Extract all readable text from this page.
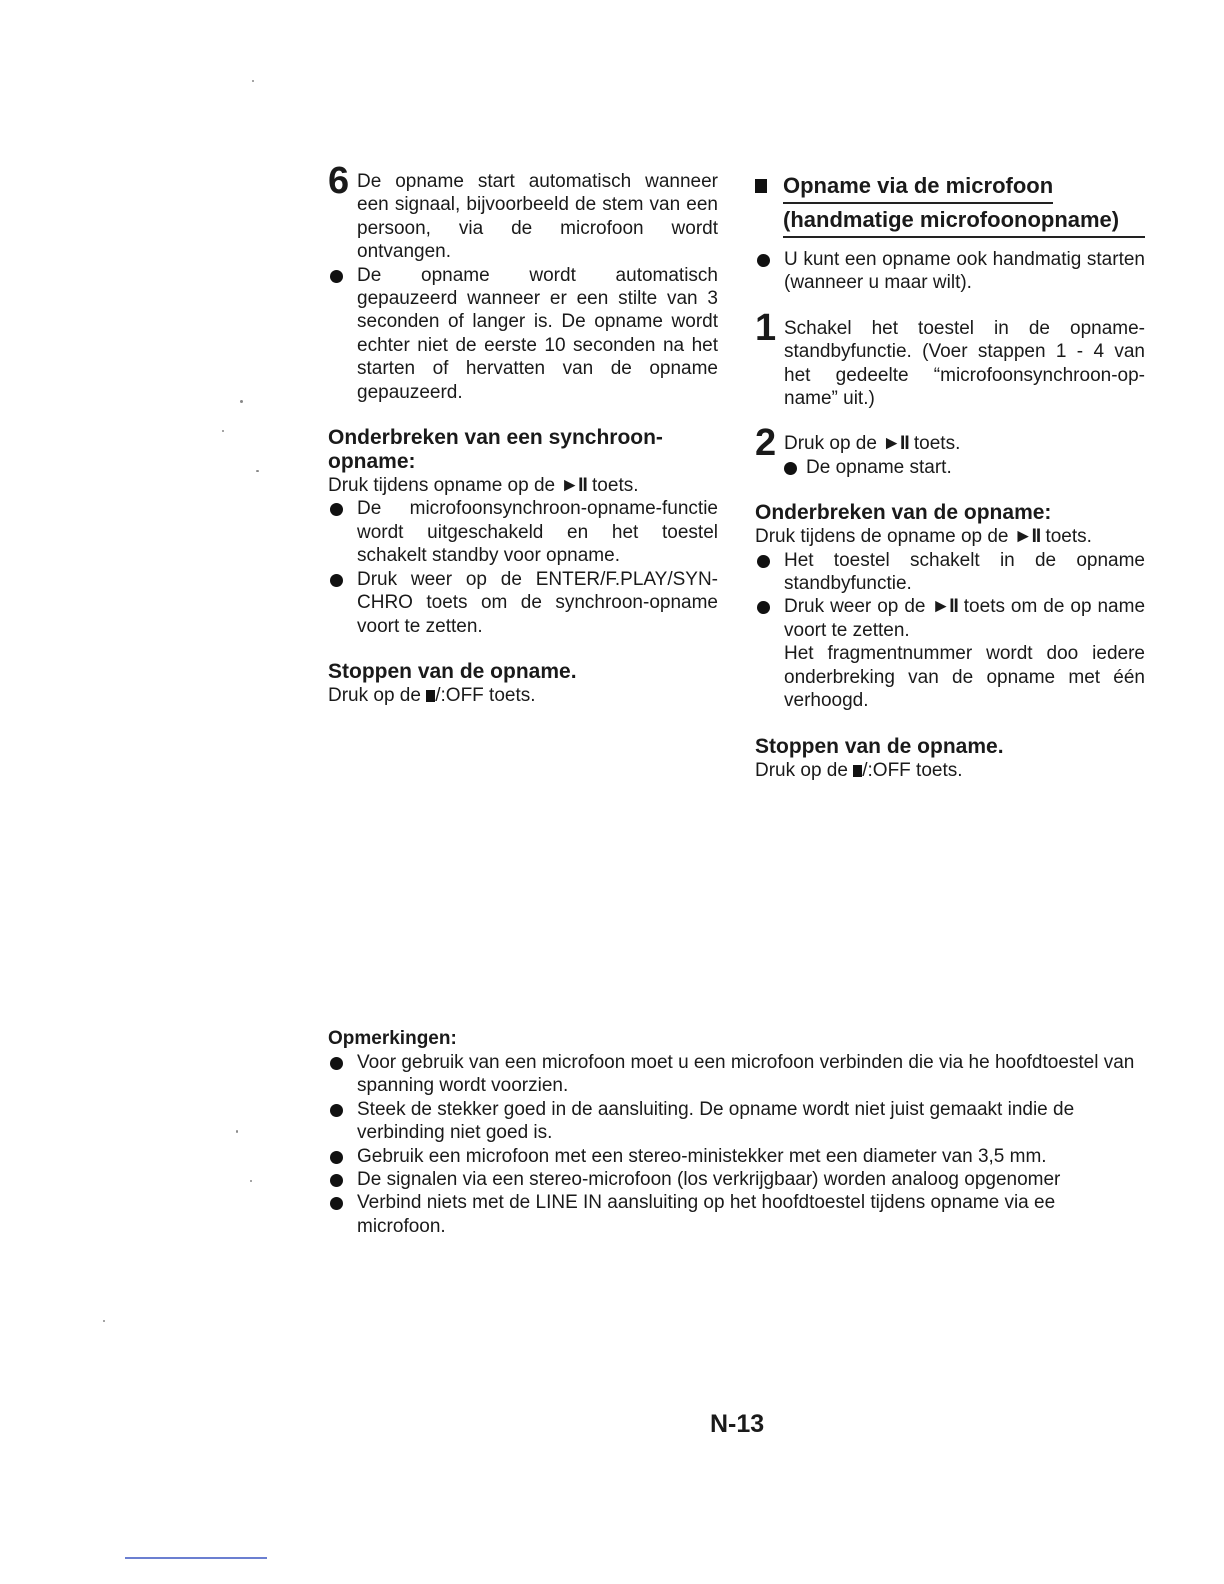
6 De opname start automatisch wanneer een signaal, bijvoorbeeld de stem van een persoon, via de microfoon wordt ontvangen.
De opname wordt automatisch gepauzeerd wanneer er een stilte van 3 seconden of langer is. De opname wordt echter niet de eerste 10 seconden na het starten of hervatten van de opname gepauzeerd.
Onderbreken van een synchroon-opname:
Druk tijdens opname op de ►II toets.
De microfoonsynchroon-opname-functie wordt uitgeschakeld en het toestel schakelt standby voor opname.
Druk weer op de ENTER/F.PLAY/SYN-CHRO toets om de synchroon-opname voort te zetten.
Stoppen van de opname.
Druk op de /:OFF toets.
Opname via de microfoon
(handmatige microfoonopname)
U kunt een opname ook handmatig starten (wanneer u maar wilt).
1 Schakel het toestel in de opname-standbyfunctie. (Voer stappen 1 - 4 van het gedeelte “microfoonsynchroon-op-name” uit.)
2 Druk op de ►II toets.
De opname start.
Onderbreken van de opname:
Druk tijdens de opname op de ►II toets.
Het toestel schakelt in de opname standbyfunctie.
Druk weer op de ►II toets om de op name voort te zetten.
Het fragmentnummer wordt doo iedere onderbreking van de opname met één verhoogd.
Stoppen van de opname.
Druk op de /:OFF toets.
Opmerkingen:
Voor gebruik van een microfoon moet u een microfoon verbinden die via he hoofdtoestel van spanning wordt voorzien.
Steek de stekker goed in de aansluiting. De opname wordt niet juist gemaakt indie de verbinding niet goed is.
Gebruik een microfoon met een stereo-ministekker met een diameter van 3,5 mm.
De signalen via een stereo-microfoon (los verkrijgbaar) worden analoog opgenomer
Verbind niets met de LINE IN aansluiting op het hoofdtoestel tijdens opname via ee microfoon.
N-13
